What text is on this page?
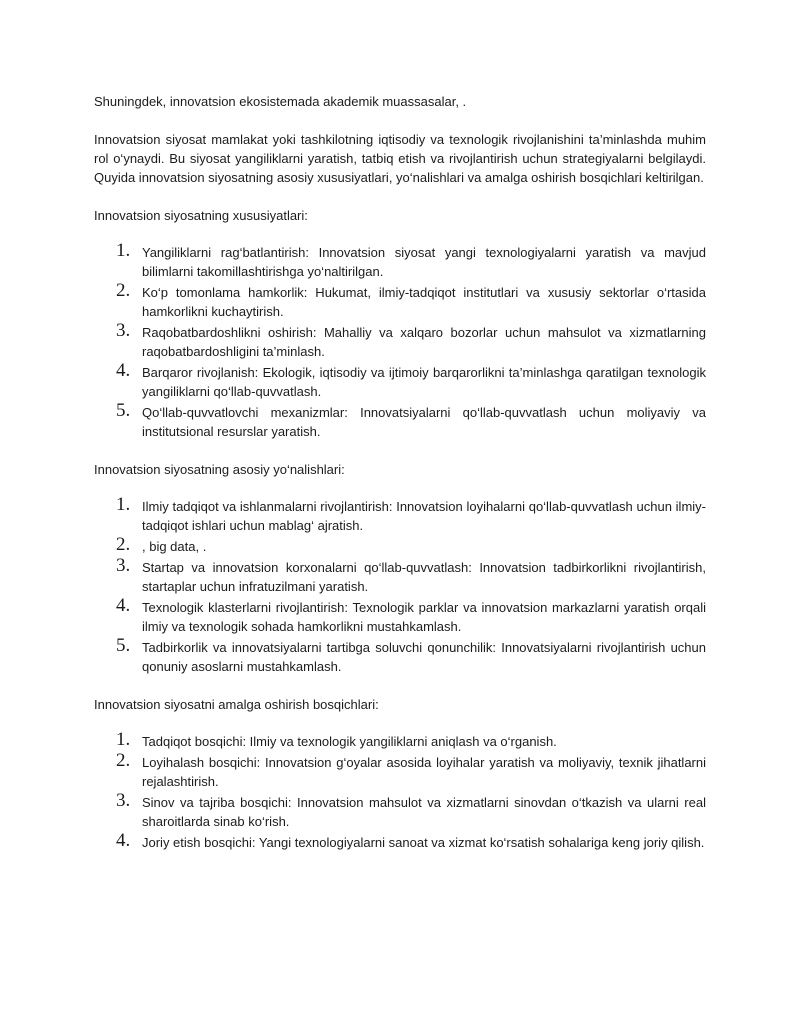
Shuningdek, innovatsion ekosistemada akademik muassasalar, .

Innovatsion siyosat mamlakat yoki tashkilotning iqtisodiy va texnologik rivojlanishini ta’minlashda muhim rol o‘ynaydi. Bu siyosat yangiliklarni yaratish, tatbiq etish va rivojlantirish uchun strategiyalarni belgilaydi. Quyida innovatsion siyosatning asosiy xususiyatlari, yo‘nalishlari va amalga oshirish bosqichlari keltirilgan.

Innovatsion siyosatning xususiyatlari:

1. Yangiliklarni rag‘batlantirish: Innovatsion siyosat yangi texnologiyalarni yaratish va mavjud bilimlarni takomillashtirishga yo‘naltirilgan.
2. Ko‘p tomonlama hamkorlik: Hukumat, ilmiy-tadqiqot institutlari va xususiy sektorlar o‘rtasida hamkorlikni kuchaytirish.
3. Raqobatbardoshlikni oshirish: Mahalliy va xalqaro bozorlar uchun mahsulot va xizmatlarning raqobatbardoshligini ta’minlash.
4. Barqaror rivojlanish: Ekologik, iqtisodiy va ijtimoiy barqarorlikni ta’minlashga qaratilgan texnologik yangiliklarni qo‘llab-quvvatlash.
5. Qo‘llab-quvvatlovchi mexanizmlar: Innovatsiyalarni qo‘llab-quvvatlash uchun moliyaviy va institutsional resurslar yaratish.

Innovatsion siyosatning asosiy yo‘nalishlari:

1. Ilmiy tadqiqot va ishlanmalarni rivojlantirish: Innovatsion loyihalarni qo‘llab-quvvatlash uchun ilmiy-tadqiqot ishlari uchun mablag‘ ajratish.
2. , big data, .
3. Startap va innovatsion korxonalarni qo‘llab-quvvatlash: Innovatsion tadbirkorlikni rivojlantirish, startaplar uchun infratuzilmani yaratish.
4. Texnologik klasterlarni rivojlantirish: Texnologik parklar va innovatsion markazlarni yaratish orqali ilmiy va texnologik sohada hamkorlikni mustahkamlash.
5. Tadbirkorlik va innovatsiyalarni tartibga soluvchi qonunchilik: Innovatsiyalarni rivojlantirish uchun qonuniy asoslarni mustahkamlash.

Innovatsion siyosatni amalga oshirish bosqichlari:

1. Tadqiqot bosqichi: Ilmiy va texnologik yangiliklarni aniqlash va o‘rganish.
2. Loyihalash bosqichi: Innovatsion g‘oyalar asosida loyihalar yaratish va moliyaviy, texnik jihatlarni rejalashtirish.
3. Sinov va tajriba bosqichi: Innovatsion mahsulot va xizmatlarni sinovdan o‘tkazish va ularni real sharoitlarda sinab ko‘rish.
4. Joriy etish bosqichi: Yangi texnologiyalarni sanoat va xizmat ko‘rsatish sohalariga keng joriy qilish.
